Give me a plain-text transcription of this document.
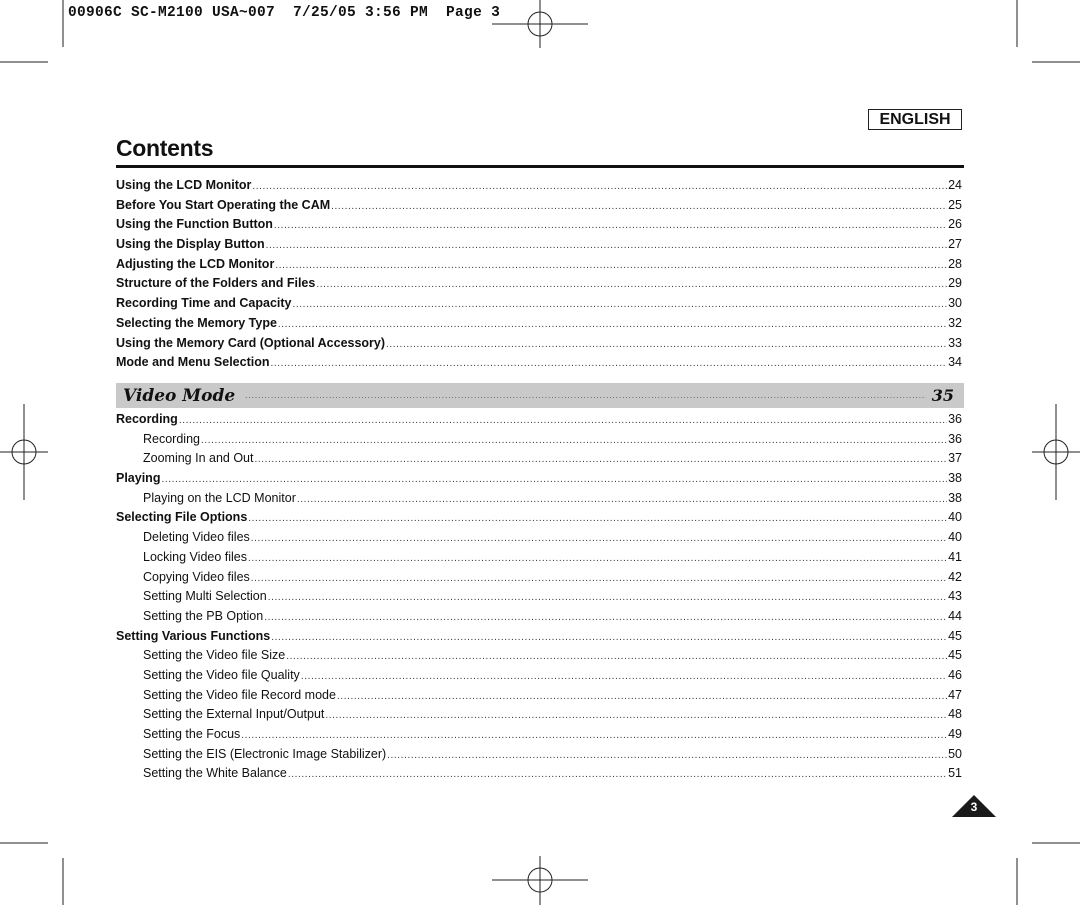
00906C SC-M2100 USA~007  7/25/05 3:56 PM  Page 3
ENGLISH
Contents
Using the LCD Monitor .....	24
Before You Start Operating the CAM .....	25
Using the Function Button .....	26
Using the Display Button .....	27
Adjusting the LCD Monitor .....	28
Structure of the Folders and Files .....	29
Recording Time and Capacity .....	30
Selecting the Memory Type .....	32
Using the Memory Card (Optional Accessory) .....	33
Mode and Menu Selection .....	34
Video Mode .....	35
Recording .....	36
Recording .....	36
Zooming In and Out .....	37
Playing .....	38
Playing on the LCD Monitor .....	38
Selecting File Options .....	40
Deleting Video files .....	40
Locking Video files .....	41
Copying Video files .....	42
Setting Multi Selection .....	43
Setting the PB Option .....	44
Setting Various Functions .....	45
Setting the Video file Size .....	45
Setting the Video file Quality .....	46
Setting the Video file Record mode .....	47
Setting the External Input/Output .....	48
Setting the Focus .....	49
Setting the EIS (Electronic Image Stabilizer) .....	50
Setting the White Balance .....	51
3
